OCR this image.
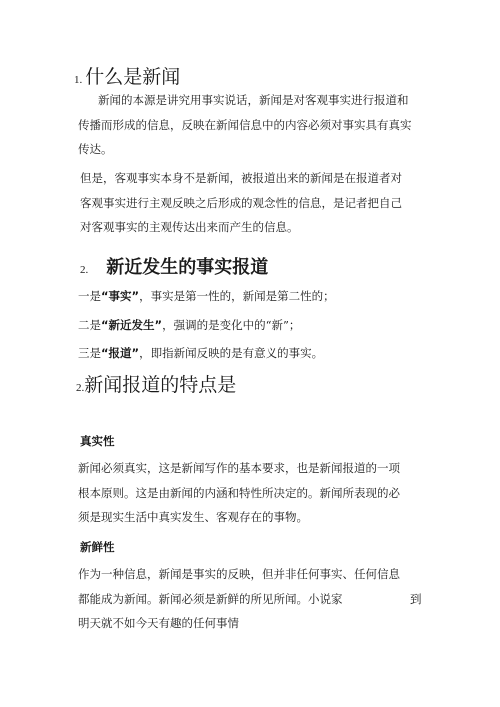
1. 什么是新闻
新闻的本源是讲究用事实说话，新闻是对客观事实进行报道和
传播而形成的信息，反映在新闻信息中的内容必须对事实具有真实
传达。
但是，客观事实本身不是新闻，被报道出来的新闻是在报道者对
客观事实进行主观反映之后形成的观念性的信息，是记者把自己
对客观事实的主观传达出来而产生的信息。
2. 新近发生的事实报道
一是“事实”，事实是第一性的，新闻是第二性的；
二是“新近发生”，强调的是变化中的“新”；
三是“报道”，即指新闻反映的是有意义的事实。
2.新闻报道的特点是
真实性
新闻必须真实，这是新闻写作的基本要求，也是新闻报道的一项
根本原则。这是由新闻的内涵和特性所决定的。新闻所表现的必
须是现实生活中真实发生、客观存在的事物。
新鲜性
作为一种信息，新闻是事实的反映，但并非任何事实、任何信息
都能成为新闻。新闻必须是新鲜的所见所闻。小说家	到
明天就不如今天有趣的任何事情
